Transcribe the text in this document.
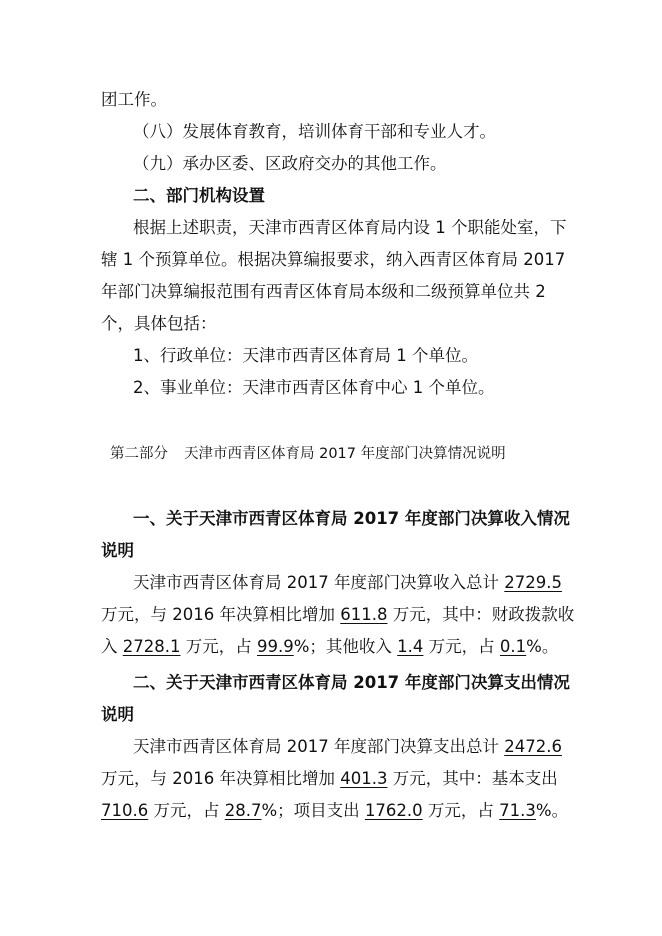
团工作。
（八）发展体育教育，培训体育干部和专业人才。
（九）承办区委、区政府交办的其他工作。
二、部门机构设置
根据上述职责，天津市西青区体育局内设 1 个职能处室，下
辖 1 个预算单位。根据决算编报要求，纳入西青区体育局 2017
年部门决算编报范围有西青区体育局本级和二级预算单位共 2
个，具体包括：
1、行政单位：天津市西青区体育局 1 个单位。
2、事业单位：天津市西青区体育中心 1 个单位。
第二部分 天津市西青区体育局 2017 年度部门决算情况说明
一、关于天津市西青区体育局 2017 年度部门决算收入情况
说明
天津市西青区体育局 2017 年度部门决算收入总计 2729.5
万元，与 2016 年决算相比增加 611.8 万元，其中：财政拨款收
入 2728.1 万元，占 99.9%；其他收入 1.4 万元，占 0.1%。
二、关于天津市西青区体育局 2017 年度部门决算支出情况
说明
天津市西青区体育局 2017 年度部门决算支出总计 2472.6
万元，与 2016 年决算相比增加 401.3 万元，其中：基本支出
710.6 万元，占 28.7%；项目支出 1762.0 万元，占 71.3%。
